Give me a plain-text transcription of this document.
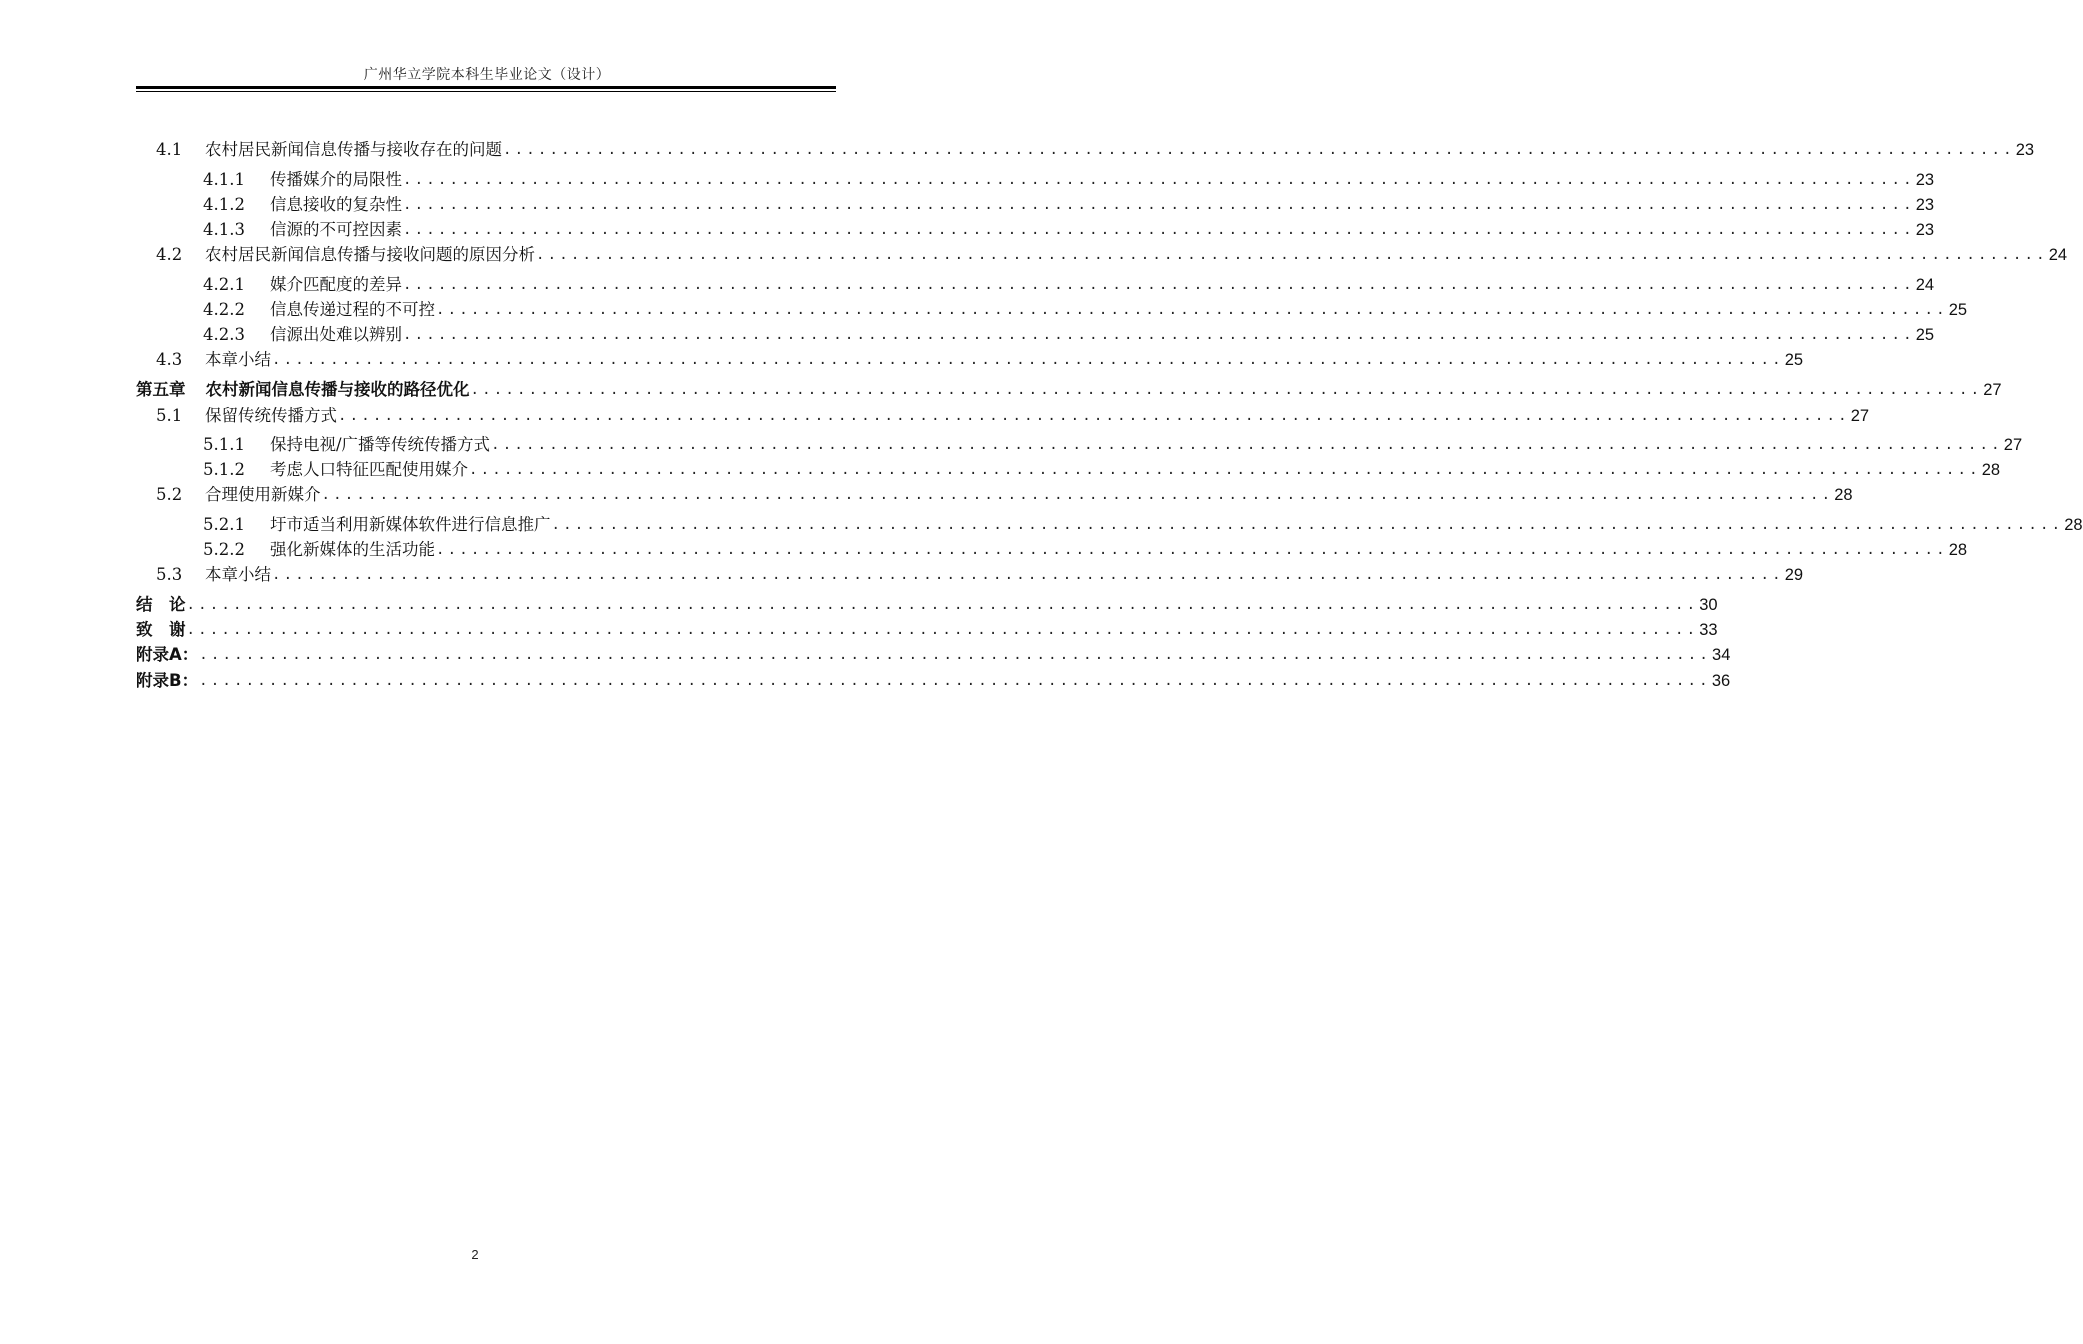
广州华立学院本科生毕业论文（设计）
4.1	农村居民新闻信息传播与接收存在的问题 .................................................................................................................................. 23
4.1.1	传播媒介的局限性 .................................................................................................................................. 23
4.1.2	信息接收的复杂性 .................................................................................................................................. 23
4.1.3	信源的不可控因素 .................................................................................................................................. 23
4.2	农村居民新闻信息传播与接收问题的原因分析 .................................................................................................................................. 24
4.2.1	媒介匹配度的差异 .................................................................................................................................. 24
4.2.2	信息传递过程的不可控 .................................................................................................................................. 25
4.2.3	信源出处难以辨别 .................................................................................................................................. 25
4.3	本章小结 .................................................................................................................................. 25
第五章 农村新闻信息传播与接收的路径优化 .................................................................................................................................. 27
5.1	保留传统传播方式 .................................................................................................................................. 27
5.1.1	保持电视/广播等传统传播方式 .................................................................................................................................. 27
5.1.2	考虑人口特征匹配使用媒介 .................................................................................................................................. 28
5.2	合理使用新媒介 .................................................................................................................................. 28
5.2.1	圩市适当利用新媒体软件进行信息推广 .................................................................................................................................. 28
5.2.2	强化新媒体的生活功能 .................................................................................................................................. 28
5.3	本章小结 .................................................................................................................................. 29
结　论 .................................................................................................................................. 30
致　谢 .................................................................................................................................. 33
附录A： .................................................................................................................................. 34
附录B： .................................................................................................................................. 36
2
